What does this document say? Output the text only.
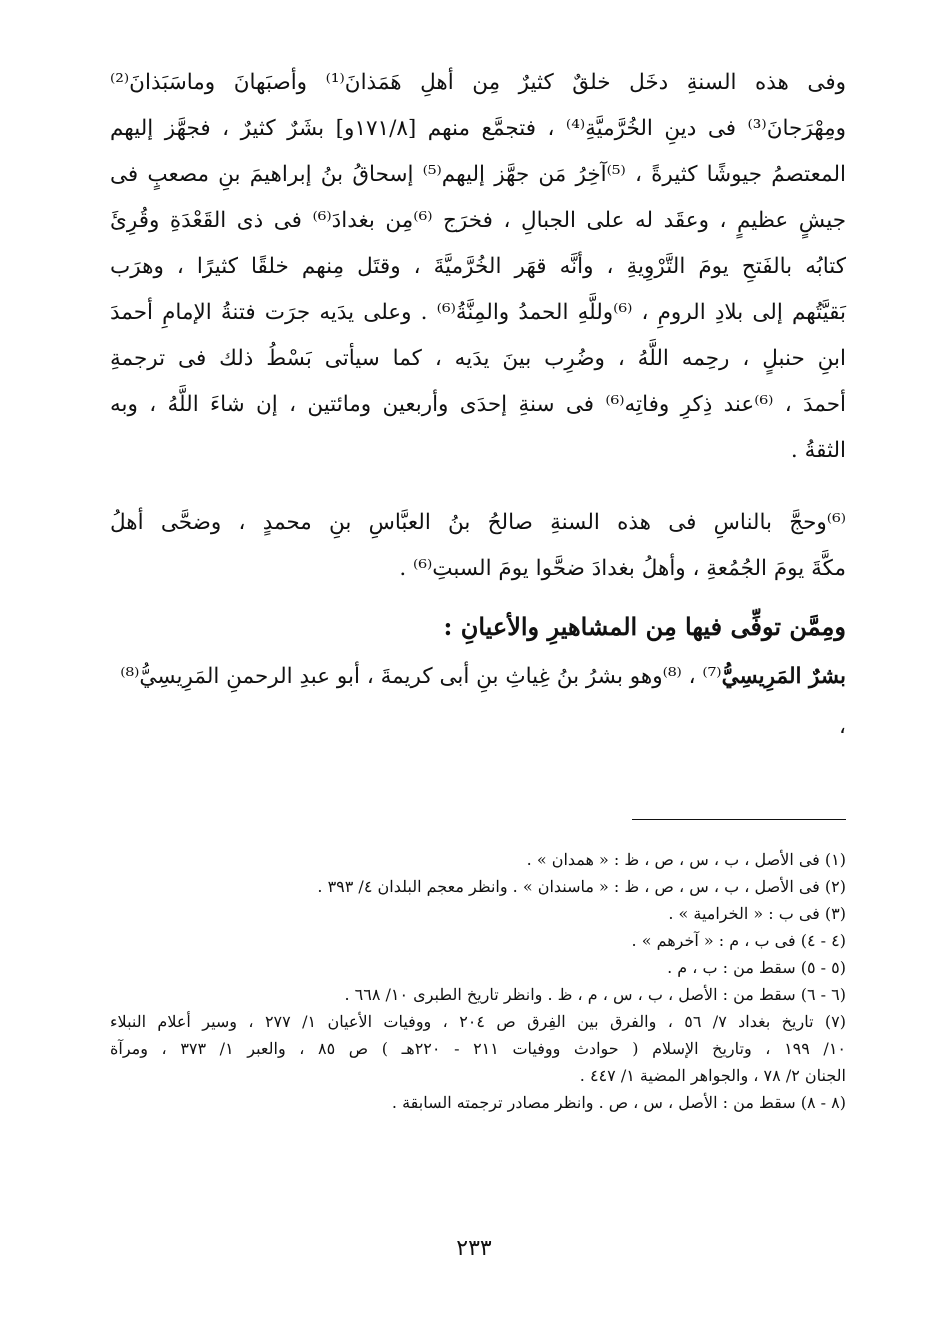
وفى هذه السنةِ دخَل خلقٌ كثيرٌ مِن أهلِ هَمَذانَ⁽¹⁾ وأصبَهانَ وماسَبَذانَ⁽²⁾
ومِهْرَجانَ⁽³⁾ فى دينِ الخُرَّميَّةِ⁽⁴⁾ ، فتجمَّع منهم [١٧١/٨و] بشَرٌ كثيرٌ ، فجهَّز إليهم
المعتصمُ جيوشًا كثيرةً ، ⁽⁵⁾آخِرُ مَن جهَّز إليهم⁽⁵⁾ إسحاقُ بنُ إبراهيمَ بنِ مصعبٍ فى
جيشٍ عظيمٍ ، وعقَد له على الجبالِ ، فخرَج ⁽⁶⁾مِن بغدادَ⁽⁶⁾ فى ذى القَعْدَةِ وقُرِئَ
كتابُه بالفَتحِ يومَ التَّرْوِيةِ ، وأنَّه قهَر الخُرَّميَّةَ ، وقتَل مِنهم خلقًا كثيرًا ، وهرَب
بَقيَّتُهم إلى بلادِ الرومِ ، ⁽⁶⁾وللَّهِ الحمدُ والمِنَّةُ⁽⁶⁾ . وعلى يدَيه جرَت فتنةُ الإمامِ أحمدَ
ابنِ حنبلٍ ، رحِمه اللَّهُ ، وضُرِب بينَ يدَيه ، كما سيأتى بَسْطُ ذلك فى ترجمةِ
أحمدَ ، ⁽⁶⁾عند ذِكرِ وفاتِه⁽⁶⁾ فى سنةِ إحدَى وأربعين ومائتين ، إن شاءَ اللَّهُ ، وبه
الثقةُ .

⁽⁶⁾وحجَّ بالناسِ فى هذه السنةِ صالحُ بنُ العبَّاسِ بنِ محمدٍ ، وضحَّى أهلُ
مكَّةَ يومَ الجُمُعةِ ، وأهلُ بغدادَ ضحَّوا يومَ السبتِ⁽⁶⁾ .

ومِمَّن توفِّى فيها مِن المشاهيرِ والأعيانِ :

بشرٌ المَرِيسِيُّ⁽⁷⁾ ، ⁽⁸⁾وهو بشرُ بنُ غِياثِ بنِ أبى كريمةَ ، أبو عبدِ الرحمنِ المَرِيسِيُّ⁽⁸⁾ ،

(١) فى الأصل ، ب ، س ، ص ، ظ : « همدان » .

(٢) فى الأصل ، ب ، س ، ص ، ظ : « ماسندان » . وانظر معجم البلدان ٤/ ٣٩٣ .

(٣) فى ب : « الخرامية » .

(٤ - ٤) فى ب ، م : « آخرهم » .

(٥ - ٥) سقط من : ب ، م .

(٦ - ٦) سقط من : الأصل ، ب ، س ، م ، ظ . وانظر تاريخ الطبرى ١٠/ ٦٦٨ .

(٧) تاريخ بغداد ٧/ ٥٦ ، والفرق بين الفِرق ص ٢٠٤ ، ووفيات الأعيان ١/ ٢٧٧ ، وسير أعلام النبلاء
١٠/ ١٩٩ ، وتاريخ الإسلام ( حوادث ووفيات ٢١١ - ٢٢٠هـ ) ص ٨٥ ، والعبر ١/ ٣٧٣ ، ومرآة
الجنان ٢/ ٧٨ ، والجواهر المضية ١/ ٤٤٧ .

(٨ - ٨) سقط من : الأصل ، س ، ص . وانظر مصادر ترجمته السابقة .

٢٣٣
